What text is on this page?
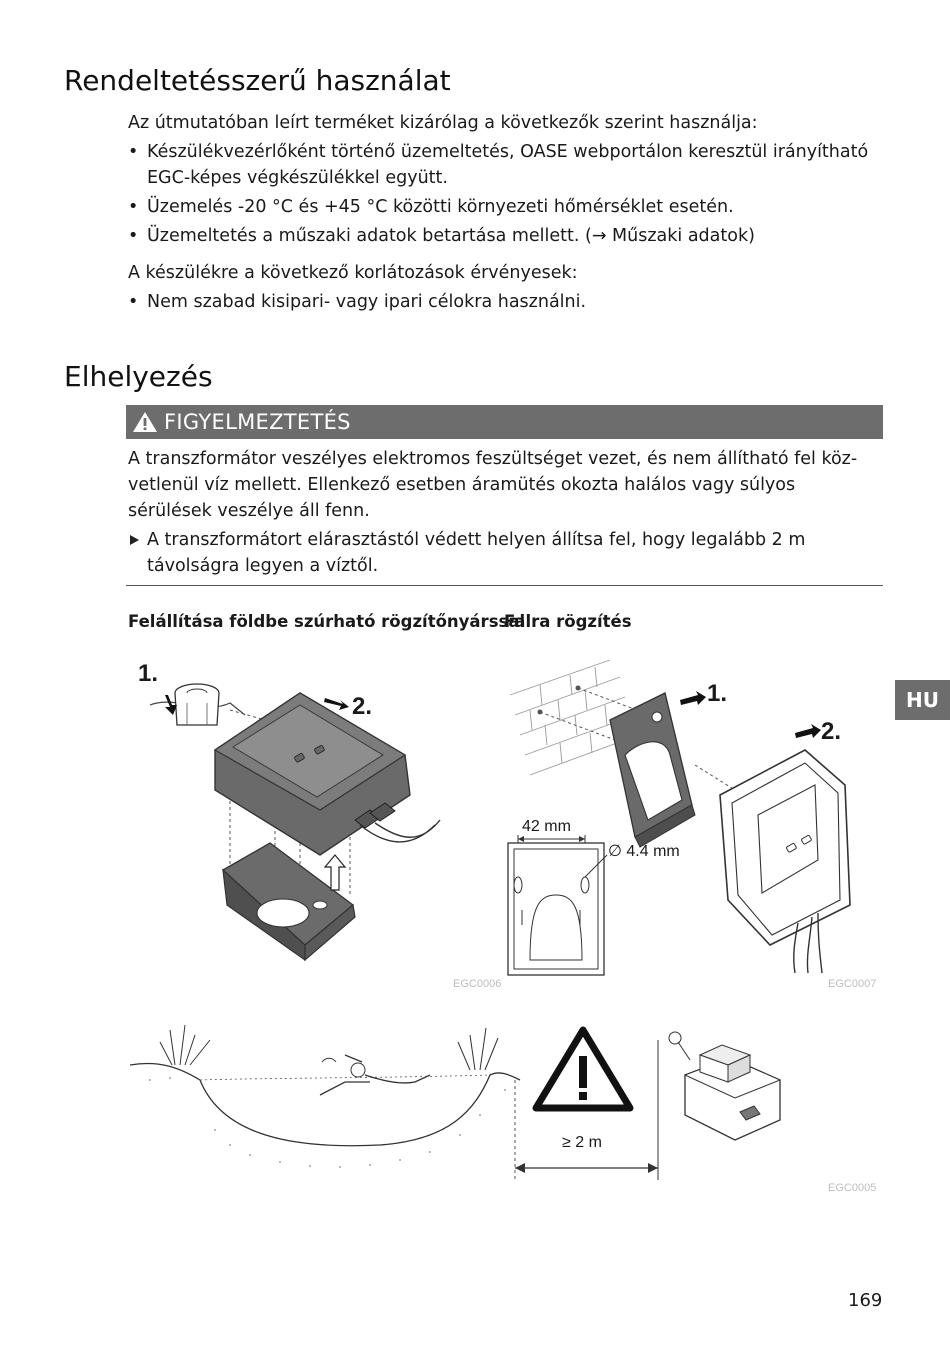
Rendeltetésszerű használat
Az útmutatóban leírt terméket kizárólag a következők szerint használja:
• Készülékvezérlőként történő üzemeltetés, OASE webportálon keresztül irányítható EGC-képes végkészülékkel együtt.
• Üzemelés -20 °C és +45 °C közötti környezeti hőmérséklet esetén.
• Üzemeltetés a műszaki adatok betartása mellett. (→ Műszaki adatok)
A készülékre a következő korlátozások érvényesek:
• Nem szabad kisipari- vagy ipari célokra használni.
Elhelyezés
FIGYELMEZTETÉS
A transzformátor veszélyes elektromos feszültséget vezet, és nem állítható fel köz-vetlenül víz mellett. Ellenkező esetben áramütés okozta halálos vagy súlyos sérülések veszélye áll fenn.
A transzformátort elárasztástól védett helyen állítsa fel, hogy legalább 2 m távolságra legyen a víztől.
Felállítása földbe szúrható rögzítőnyárssal
Falra rögzítés
HU
1.
2.
EGC0006
1.
2.
42 mm
∅ 4.4 mm
EGC0007
≥ 2 m
EGC0005
169
